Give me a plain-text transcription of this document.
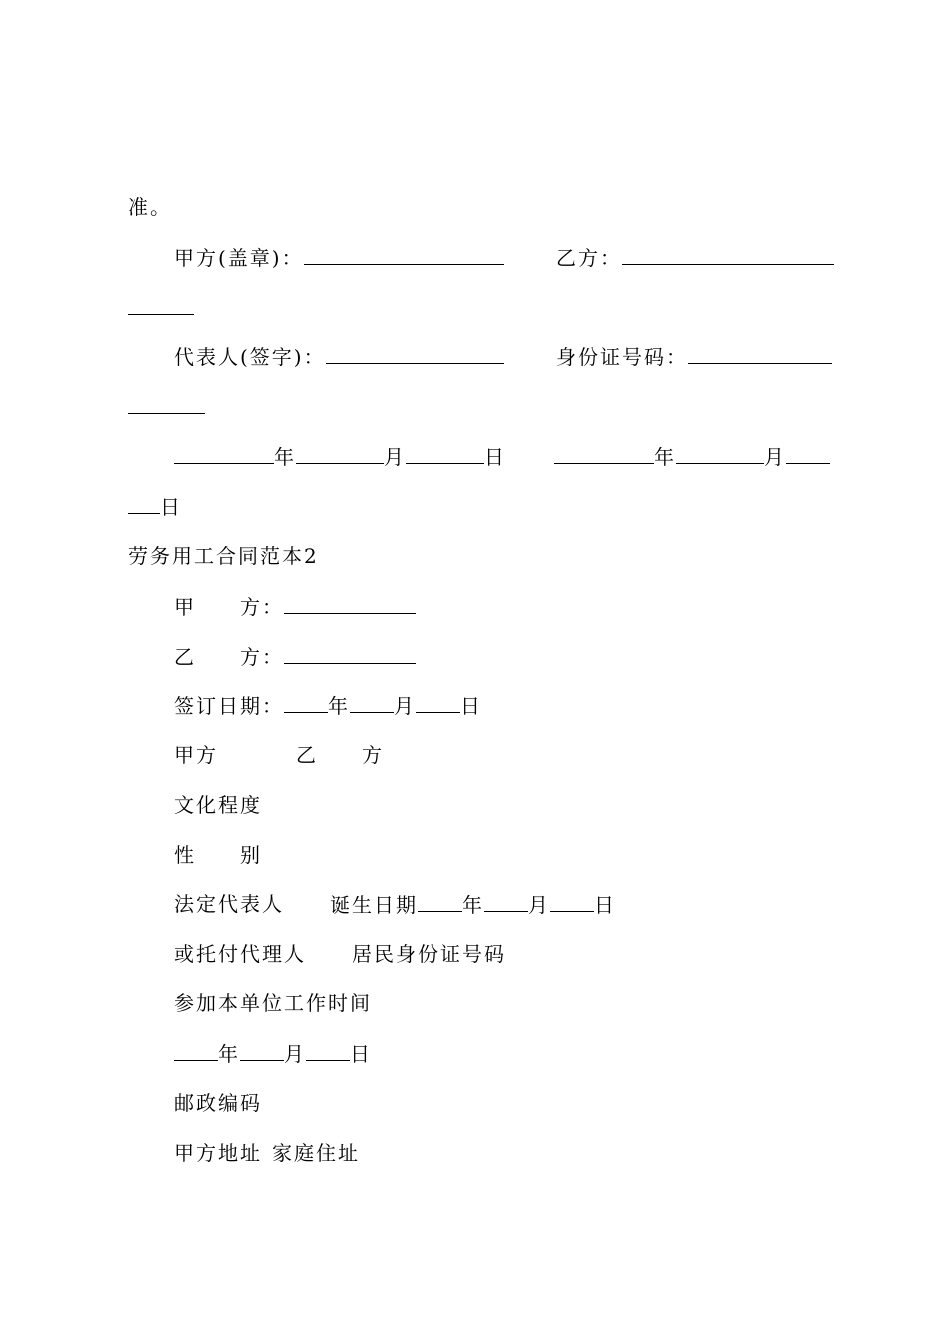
准。
甲方(盖章)：	乙方：
代表人(签字)：	身份证号码：
年	月	日	年	月
日
劳务用工合同范本2
甲　　方：
乙　　方：
签订日期： 年 月 日
甲方	乙　　方
文化程度
性　　别
法定代表人 诞生日期 年 月 日
或托付代理人 居民身份证号码
参加本单位工作时间
年 月 日
邮政编码
甲方地址 家庭住址
